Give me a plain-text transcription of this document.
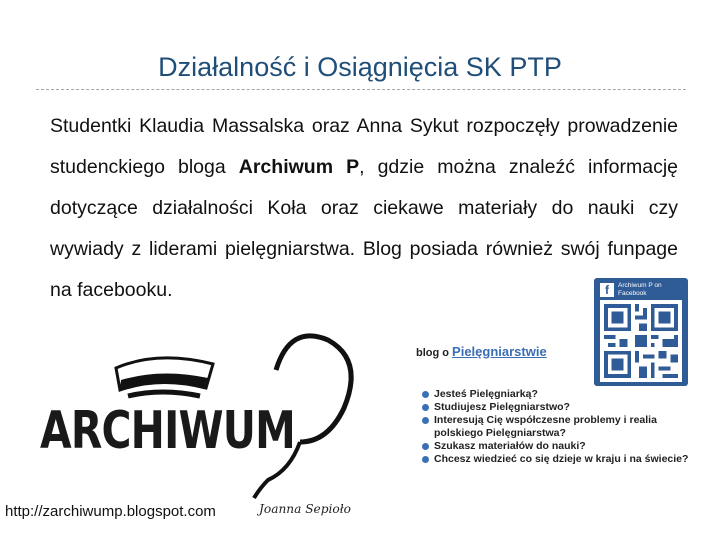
Działalność i Osiągnięcia SK PTP
Studentki Klaudia Massalska oraz Anna Sykut rozpoczęły prowadzenie studenckiego bloga Archiwum P, gdzie można znaleźć informację dotyczące działalności Koła oraz ciekawe materiały do nauki czy wywiady z liderami pielęgniarstwa. Blog posiada również swój funpage na facebooku.
ARCHIWUM
blog o Pielęgniarstwie
Jesteś Pielęgniarką?
Studiujesz Pielęgniarstwo?
Interesują Cię współczesne problemy i realia polskiego Pielęgniarstwa?
Szukasz materiałów do nauki?
Chcesz wiedzieć co się dzieje w kraju i na świecie?
f	Archiwum P on Facebook
http://zarchiwump.blogspot.com	Joanna Sepioło
